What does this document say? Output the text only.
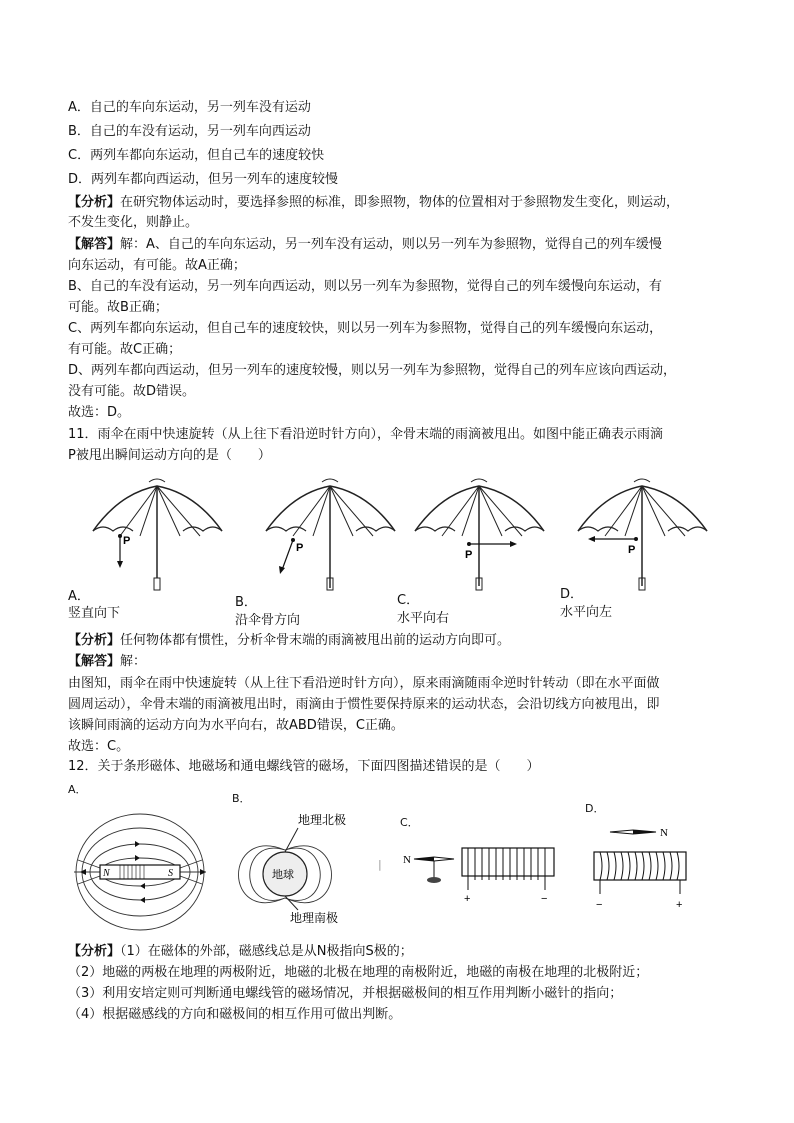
A．自己的车向东运动，另一列车没有运动
B．自己的车没有运动，另一列车向西运动
C．两列车都向东运动，但自己车的速度较快
D．两列车都向西运动，但另一列车的速度较慢
【分析】在研究物体运动时，要选择参照的标准，即参照物，物体的位置相对于参照物发生变化，则运动，
不发生变化，则静止。
【解答】解：A、自己的车向东运动，另一列车没有运动，则以另一列车为参照物，觉得自己的列车缓慢
向东运动，有可能。故A正确；
B、自己的车没有运动，另一列车向西运动，则以另一列车为参照物，觉得自己的列车缓慢向东运动，有
可能。故B正确；
C、两列车都向东运动，但自己车的速度较快，则以另一列车为参照物，觉得自己的列车缓慢向东运动，
有可能。故C正确；
D、两列车都向西运动，但另一列车的速度较慢，则以另一列车为参照物，觉得自己的列车应该向西运动，
没有可能。故D错误。
故选：D。
11．雨伞在雨中快速旋转（从上往下看沿逆时针方向），伞骨末端的雨滴被甩出。如图中能正确表示雨滴
P被甩出瞬间运动方向的是（　　）
P
P
P	P
A．
竖直向下
B．
沿伞骨方向
C．
水平向右
D．
水平向左
【分析】任何物体都有惯性，分析伞骨末端的雨滴被甩出前的运动方向即可。
【解答】解：
由图知，雨伞在雨中快速旋转（从上往下看沿逆时针方向），原来雨滴随雨伞逆时针转动（即在水平面做
圆周运动），伞骨末端的雨滴被甩出时，雨滴由于惯性要保持原来的运动状态，会沿切线方向被甩出，即
该瞬间雨滴的运动方向为水平向右，故ABD错误，C正确。
故选：C。
12．关于条形磁体、地磁场和通电螺线管的磁场，下面四图描述错误的是（　　）
A．
B．
C．
D．
N	S	地球
地理北极
地理南极
| N
+	−
N
−	+
【分析】（1）在磁体的外部，磁感线总是从N极指向S极的；
（2）地磁的两极在地理的两极附近，地磁的北极在地理的南极附近，地磁的南极在地理的北极附近；
（3）利用安培定则可判断通电螺线管的磁场情况，并根据磁极间的相互作用判断小磁针的指向；
（4）根据磁感线的方向和磁极间的相互作用可做出判断。
